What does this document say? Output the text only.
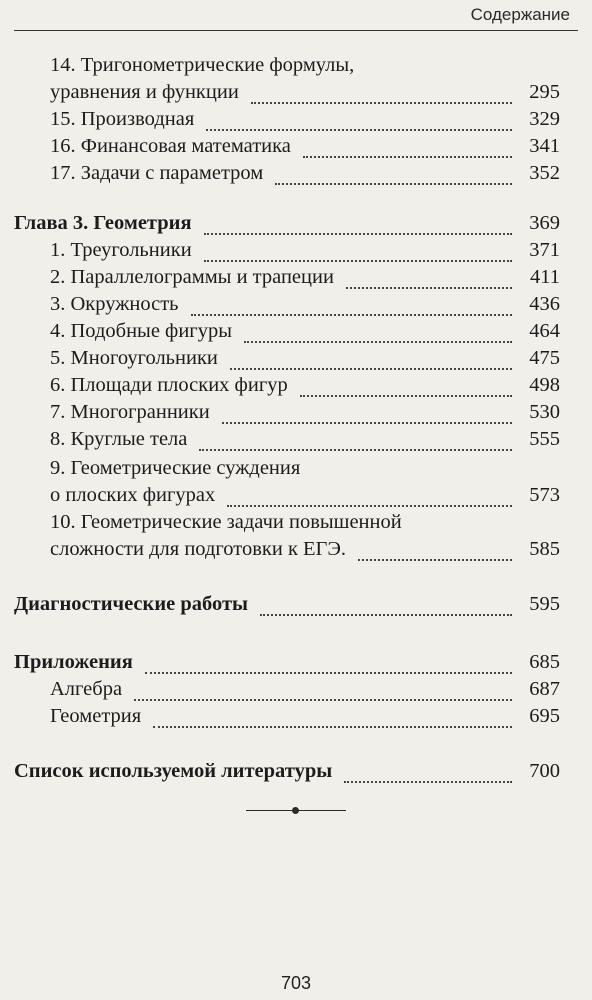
Содержание
14. Тригонометрические формулы,
уравнения и функции	295
15. Производная	329
16. Финансовая математика	341
17. Задачи с параметром	352
Глава 3. Геометрия	369
1. Треугольники	371
2. Параллелограммы и трапеции	411
3. Окружность	436
4. Подобные фигуры	464
5. Многоугольники	475
6. Площади плоских фигур	498
7. Многогранники	530
8. Круглые тела	555
9. Геометрические суждения
о плоских фигурах	573
10. Геометрические задачи повышенной
сложности для подготовки к ЕГЭ.	585
Диагностические работы	595
Приложения	685
Алгебра	687
Геометрия	695
Список используемой литературы	700
703
